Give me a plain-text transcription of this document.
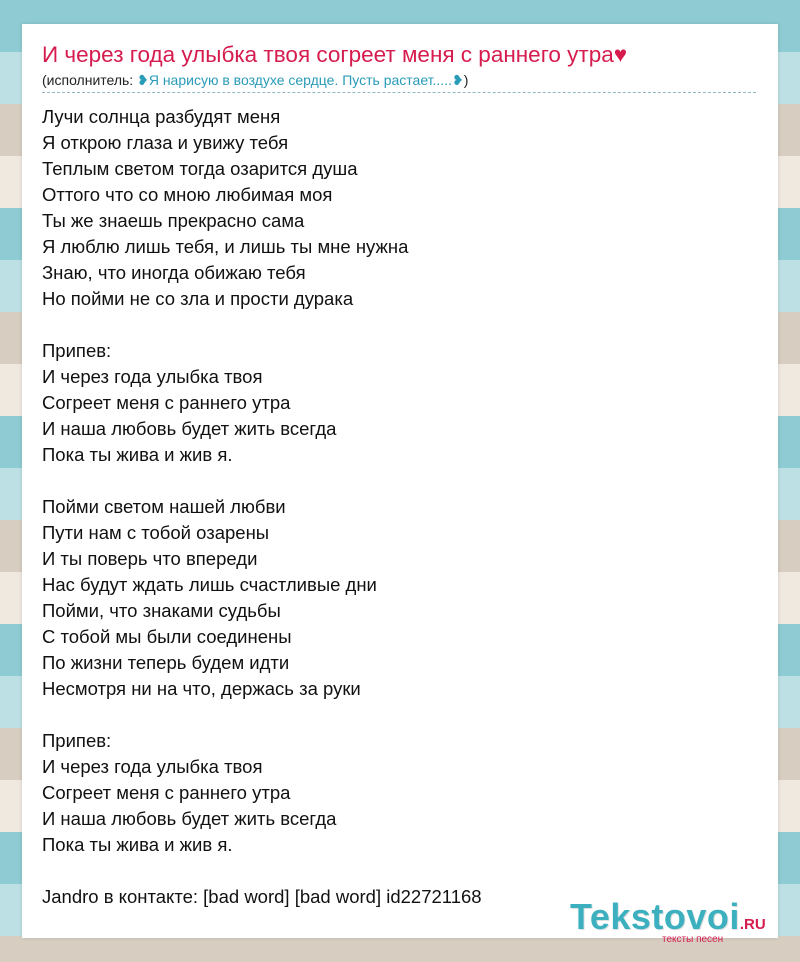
И через года улыбка твоя согреет меня с раннего утра♥
(исполнитель: ❥Я нарисую в воздухе сердце. Пусть растает.....❥)
Лучи солнца разбудят меня
Я открою глаза и увижу тебя
Теплым светом тогда озарится душа
Оттого что со мною любимая моя
Ты же знаешь прекрасно сама
Я люблю лишь тебя, и лишь ты мне нужна
Знаю, что иногда обижаю тебя
Но пойми не со зла и прости дурака

Припев:
И через года улыбка твоя
Согреет меня с раннего утра
И наша любовь будет жить всегда
Пока ты жива и жив я.

Пойми светом нашей любви
Пути нам с тобой озарены
И ты поверь что впереди
Нас будут ждать лишь счастливые дни
Пойми, что знаками судьбы
С тобой мы были соединены
По жизни теперь будем идти
Несмотря ни на что, держась за руки

Припев:
И через года улыбка твоя
Согреет меня с раннего утра
И наша любовь будет жить всегда
Пока ты жива и жив я.
Jandro в контакте: [bad word] [bad word] id22721168 Tekstovoi.RU
тексты песен
